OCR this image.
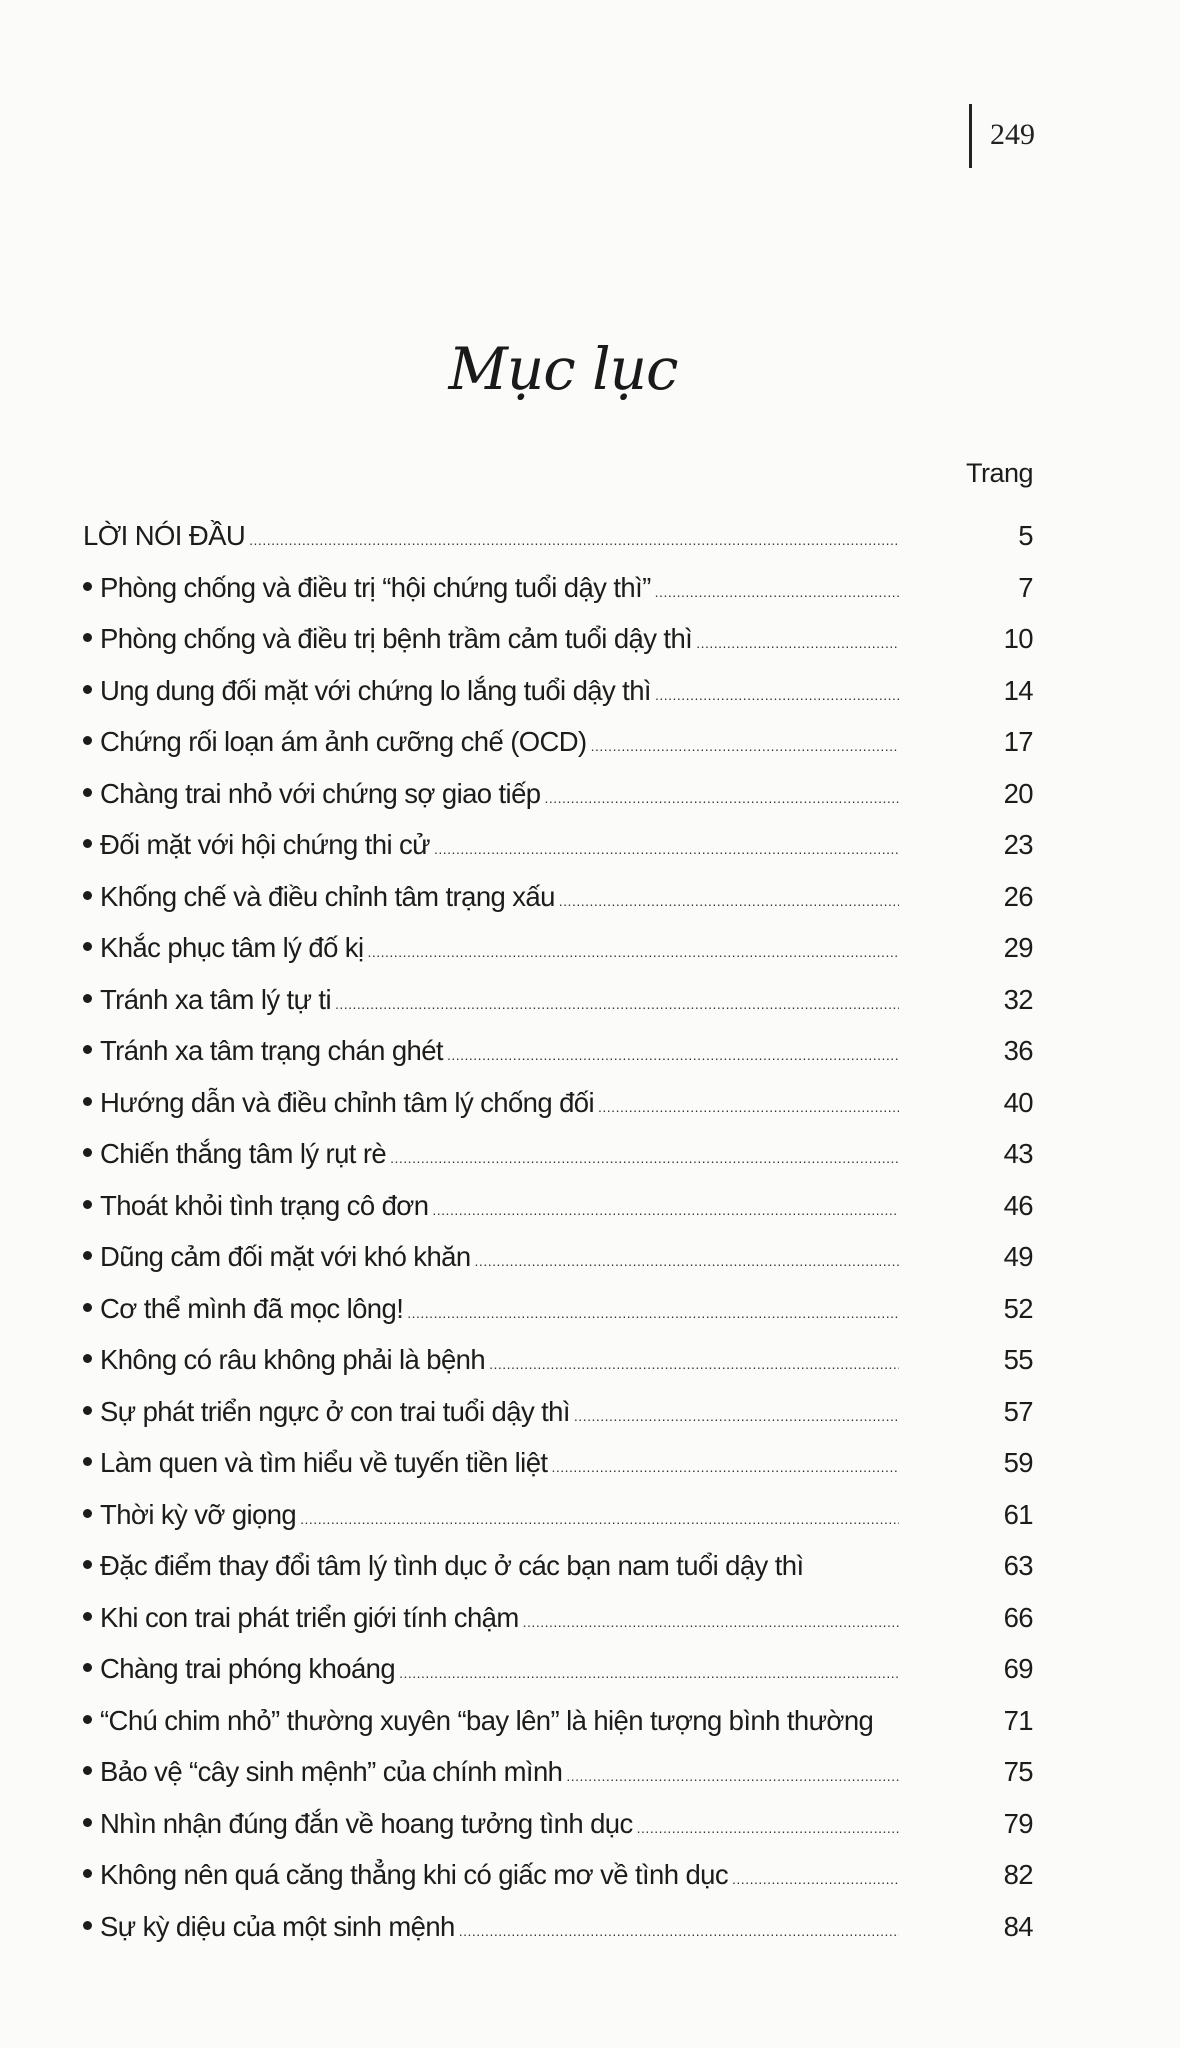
249
Mục lục
Trang
LỜI NÓI ĐẦU .....	5
Phòng chống và điều trị “hội chứng tuổi dậy thì” .....	7
Phòng chống và điều trị bệnh trầm cảm tuổi dậy thì .....	10
Ung dung đối mặt với chứng lo lắng tuổi dậy thì .....	14
Chứng rối loạn ám ảnh cưỡng chế (OCD) .....	17
Chàng trai nhỏ với chứng sợ giao tiếp .....	20
Đối mặt với hội chứng thi cử .....	23
Khống chế và điều chỉnh tâm trạng xấu .....	26
Khắc phục tâm lý đố kị .....	29
Tránh xa tâm lý tự ti .....	32
Tránh xa tâm trạng chán ghét .....	36
Hướng dẫn và điều chỉnh tâm lý chống đối .....	40
Chiến thắng tâm lý rụt rè .....	43
Thoát khỏi tình trạng cô đơn .....	46
Dũng cảm đối mặt với khó khăn .....	49
Cơ thể mình đã mọc lông! .....	52
Không có râu không phải là bệnh .....	55
Sự phát triển ngực ở con trai tuổi dậy thì .....	57
Làm quen và tìm hiểu về tuyến tiền liệt .....	59
Thời kỳ vỡ giọng .....	61
Đặc điểm thay đổi tâm lý tình dục ở các bạn nam tuổi dậy thì	63
Khi con trai phát triển giới tính chậm .....	66
Chàng trai phóng khoáng .....	69
“Chú chim nhỏ” thường xuyên “bay lên” là hiện tượng bình thường	71
Bảo vệ “cây sinh mệnh” của chính mình .....	75
Nhìn nhận đúng đắn về hoang tưởng tình dục .....	79
Không nên quá căng thẳng khi có giấc mơ về tình dục .....	82
Sự kỳ diệu của một sinh mệnh .....	84
